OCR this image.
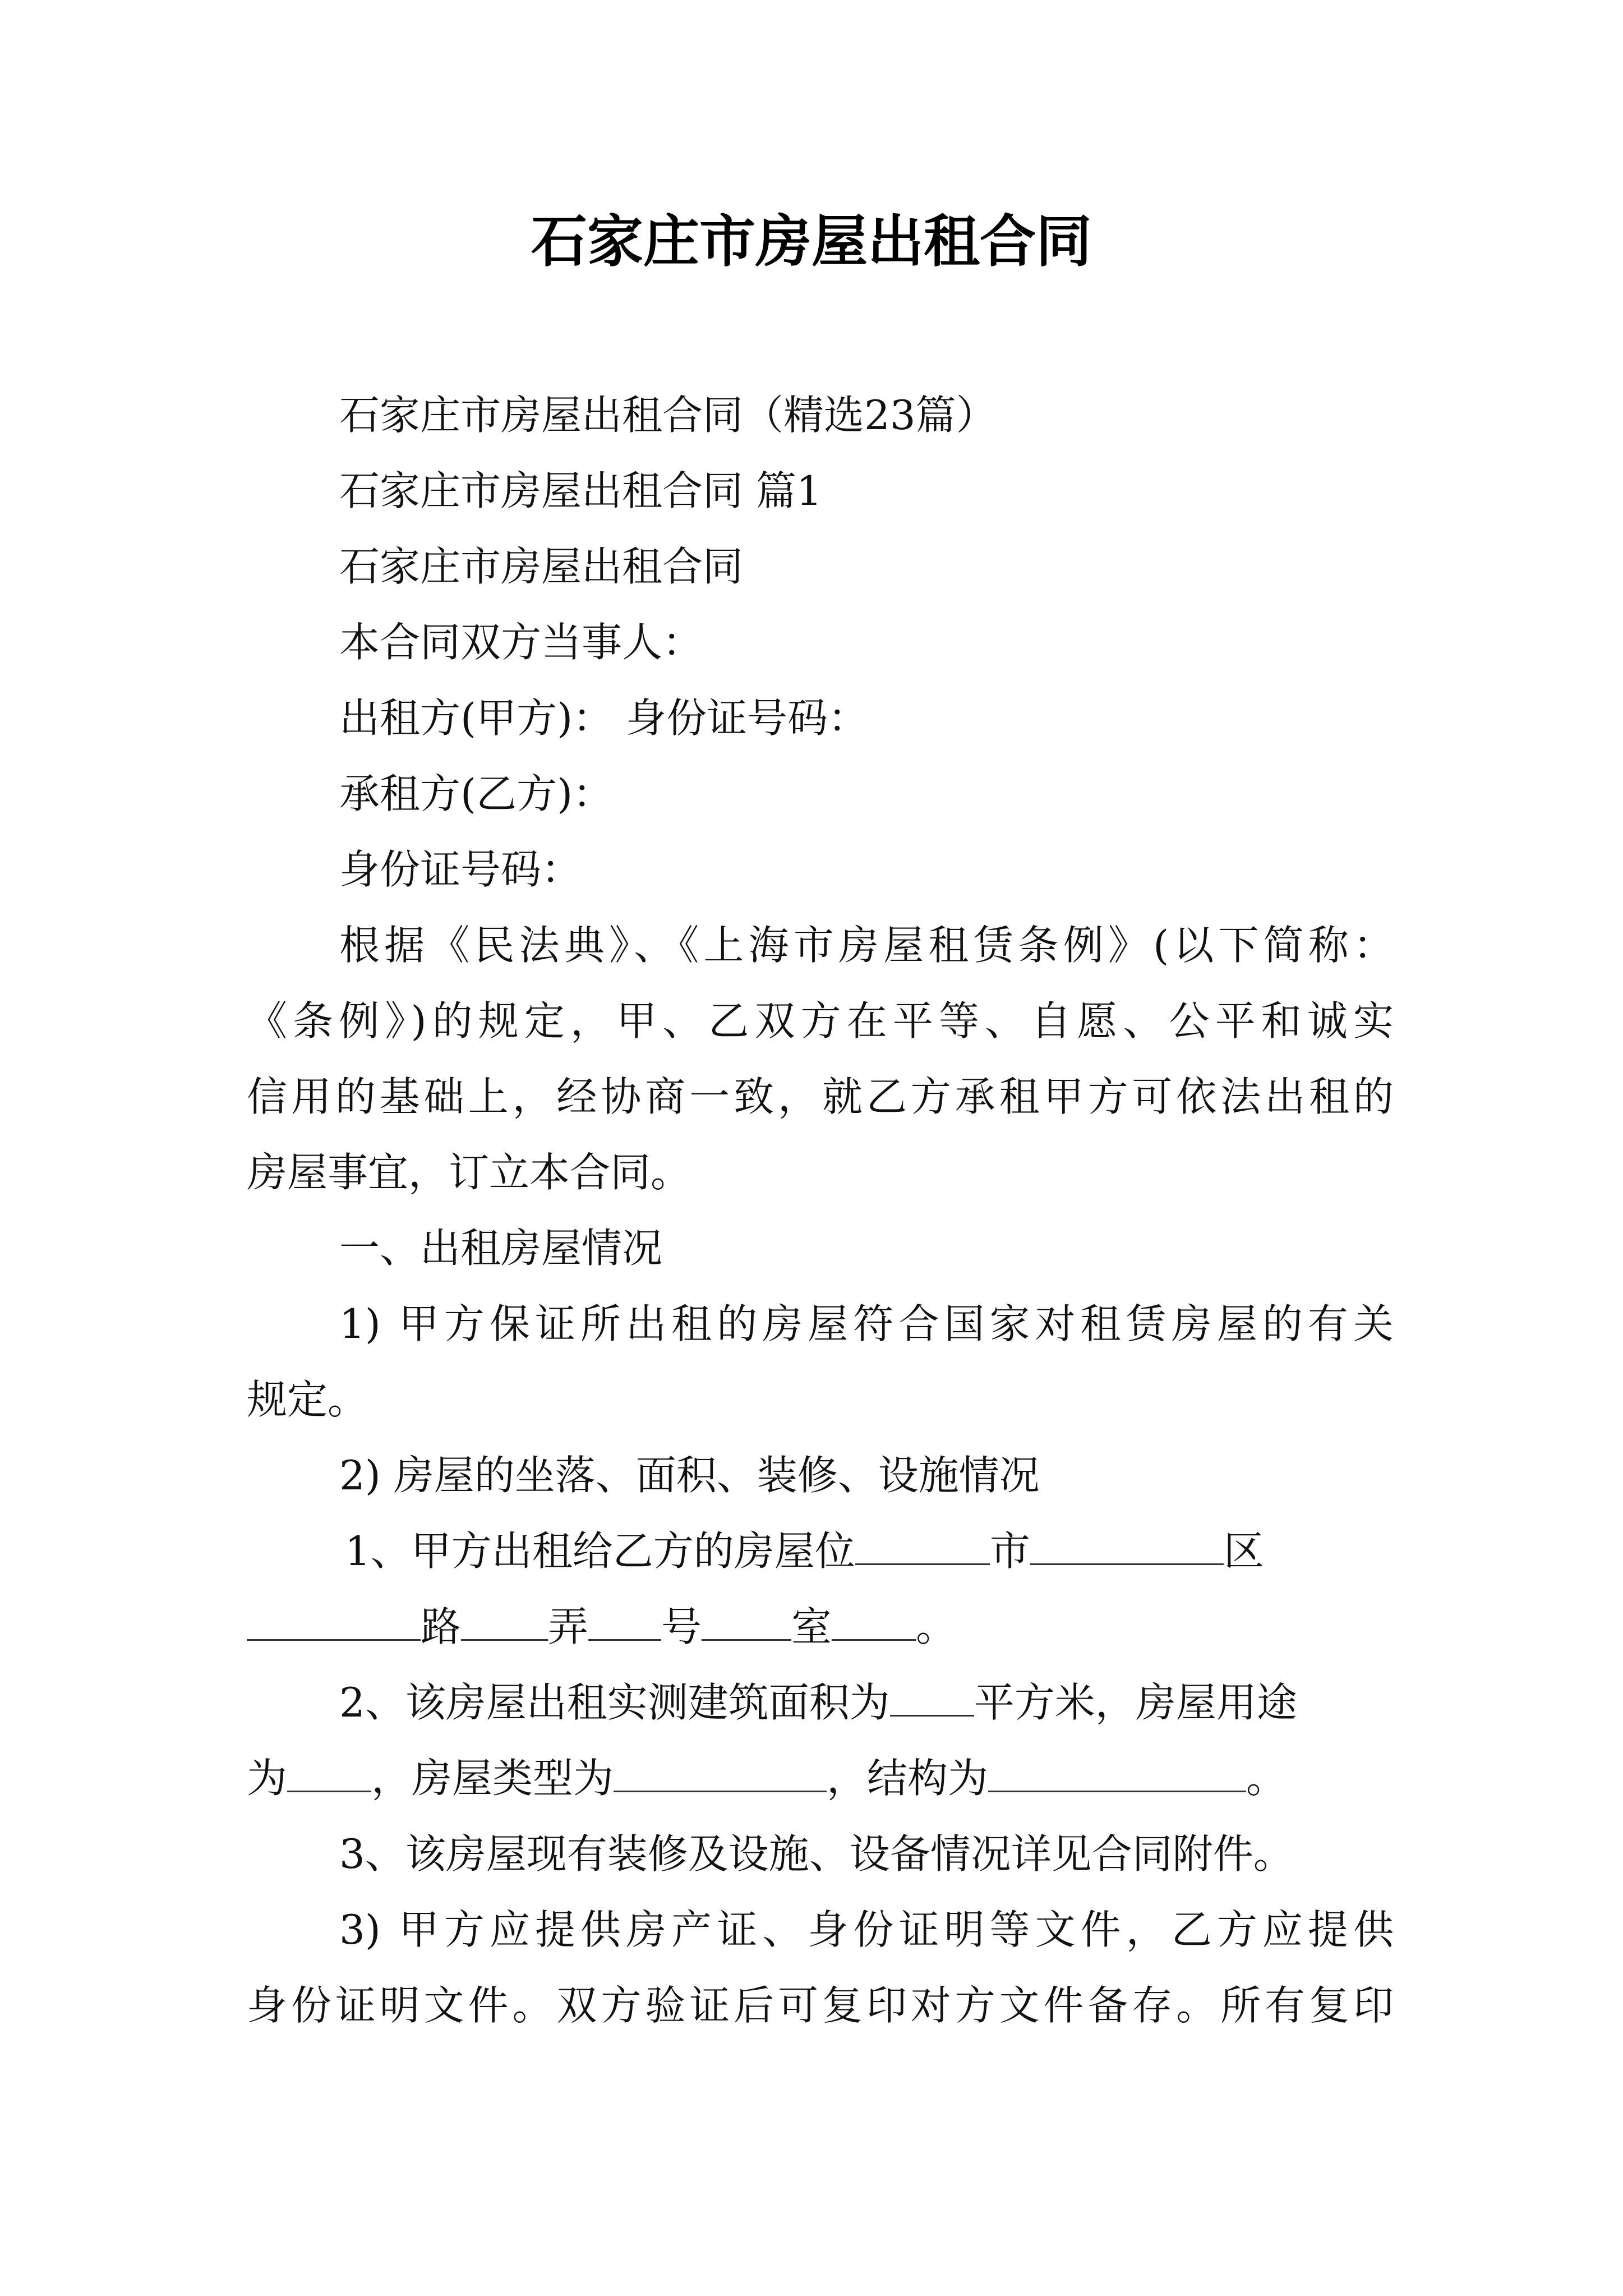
石家庄市房屋出租合同
石家庄市房屋出租合同（精选23篇）
石家庄市房屋出租合同 篇1
石家庄市房屋出租合同
本合同双方当事人：
出租方(甲方)： 身份证号码：
承租方(乙方)：
身份证号码：
根据《民法典》、《上海市房屋租赁条例》(以下简称：
《条例》)的规定，甲、乙双方在平等、自愿、公平和诚实
信用的基础上，经协商一致，就乙方承租甲方可依法出租的
房屋事宜，订立本合同。
一、出租房屋情况
1) 甲方保证所出租的房屋符合国家对租赁房屋的有关
规定。
2) 房屋的坐落、面积、装修、设施情况
1、甲方出租给乙方的房屋位	市	区
路 弄 号 室 。
2、该房屋出租实测建筑面积为 平方米，房屋用途
为 ，房屋类型为	，结构为	。
3、该房屋现有装修及设施、设备情况详见合同附件。
3) 甲方应提供房产证、身份证明等文件，乙方应提供
身份证明文件。双方验证后可复印对方文件备存。所有复印
